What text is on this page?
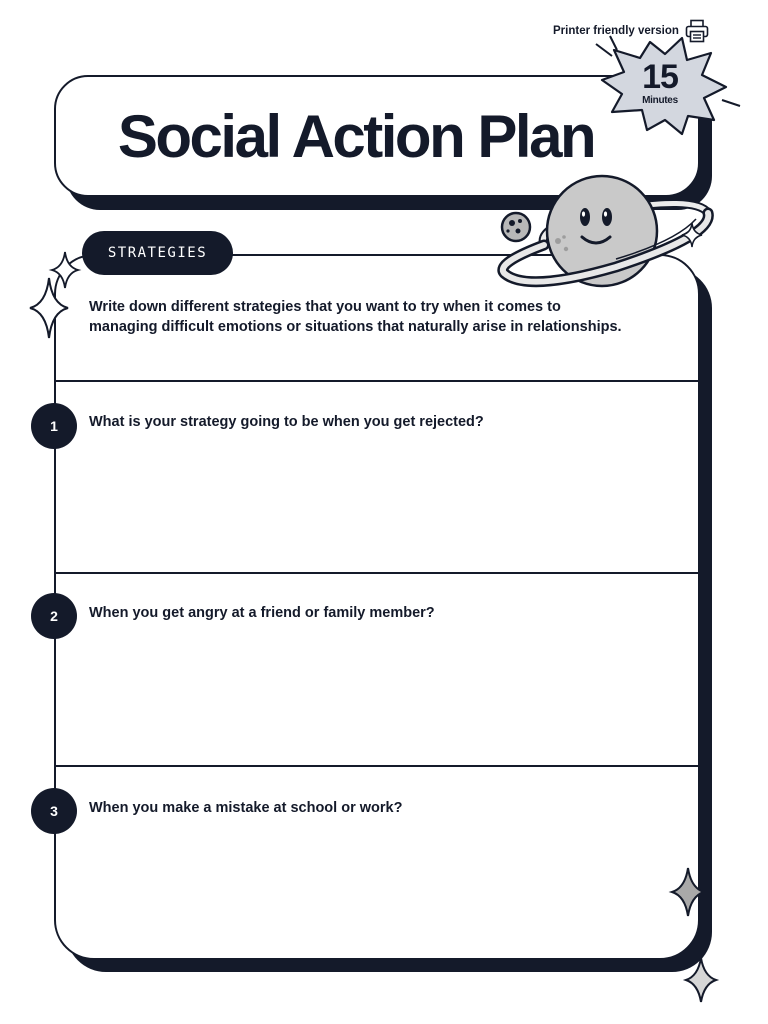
Printer friendly version
Social Action Plan
15
Minutes
STRATEGIES
Write down different strategies that you want to try when it comes to
managing difficult emotions or situations that naturally arise in relationships.
1	What is your strategy going to be when you get rejected?
2	When you get angry at a friend or family member?
3	When you make a mistake at school or work?
